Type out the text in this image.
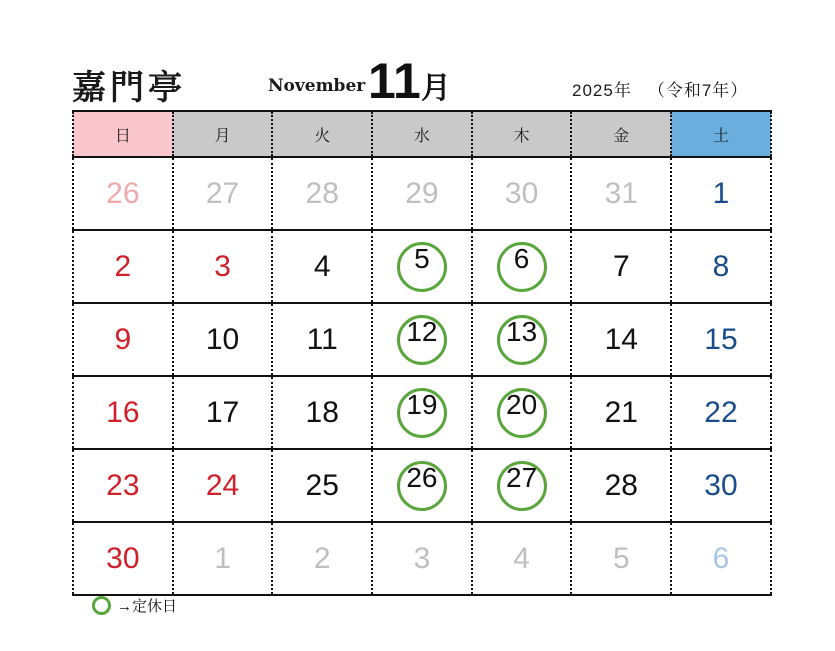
嘉門亭	November 11月	2025年 （令和7年）
日	月	火	水	木	金	土
26	27	28	29	30	31	1
2	3	4	5	6	7	8
9	10	11	12	13	14	15
16	17	18	19	20	21	22
23	24	25	26	27	28	30
30	1	2	3	4	5	6
→定休日
